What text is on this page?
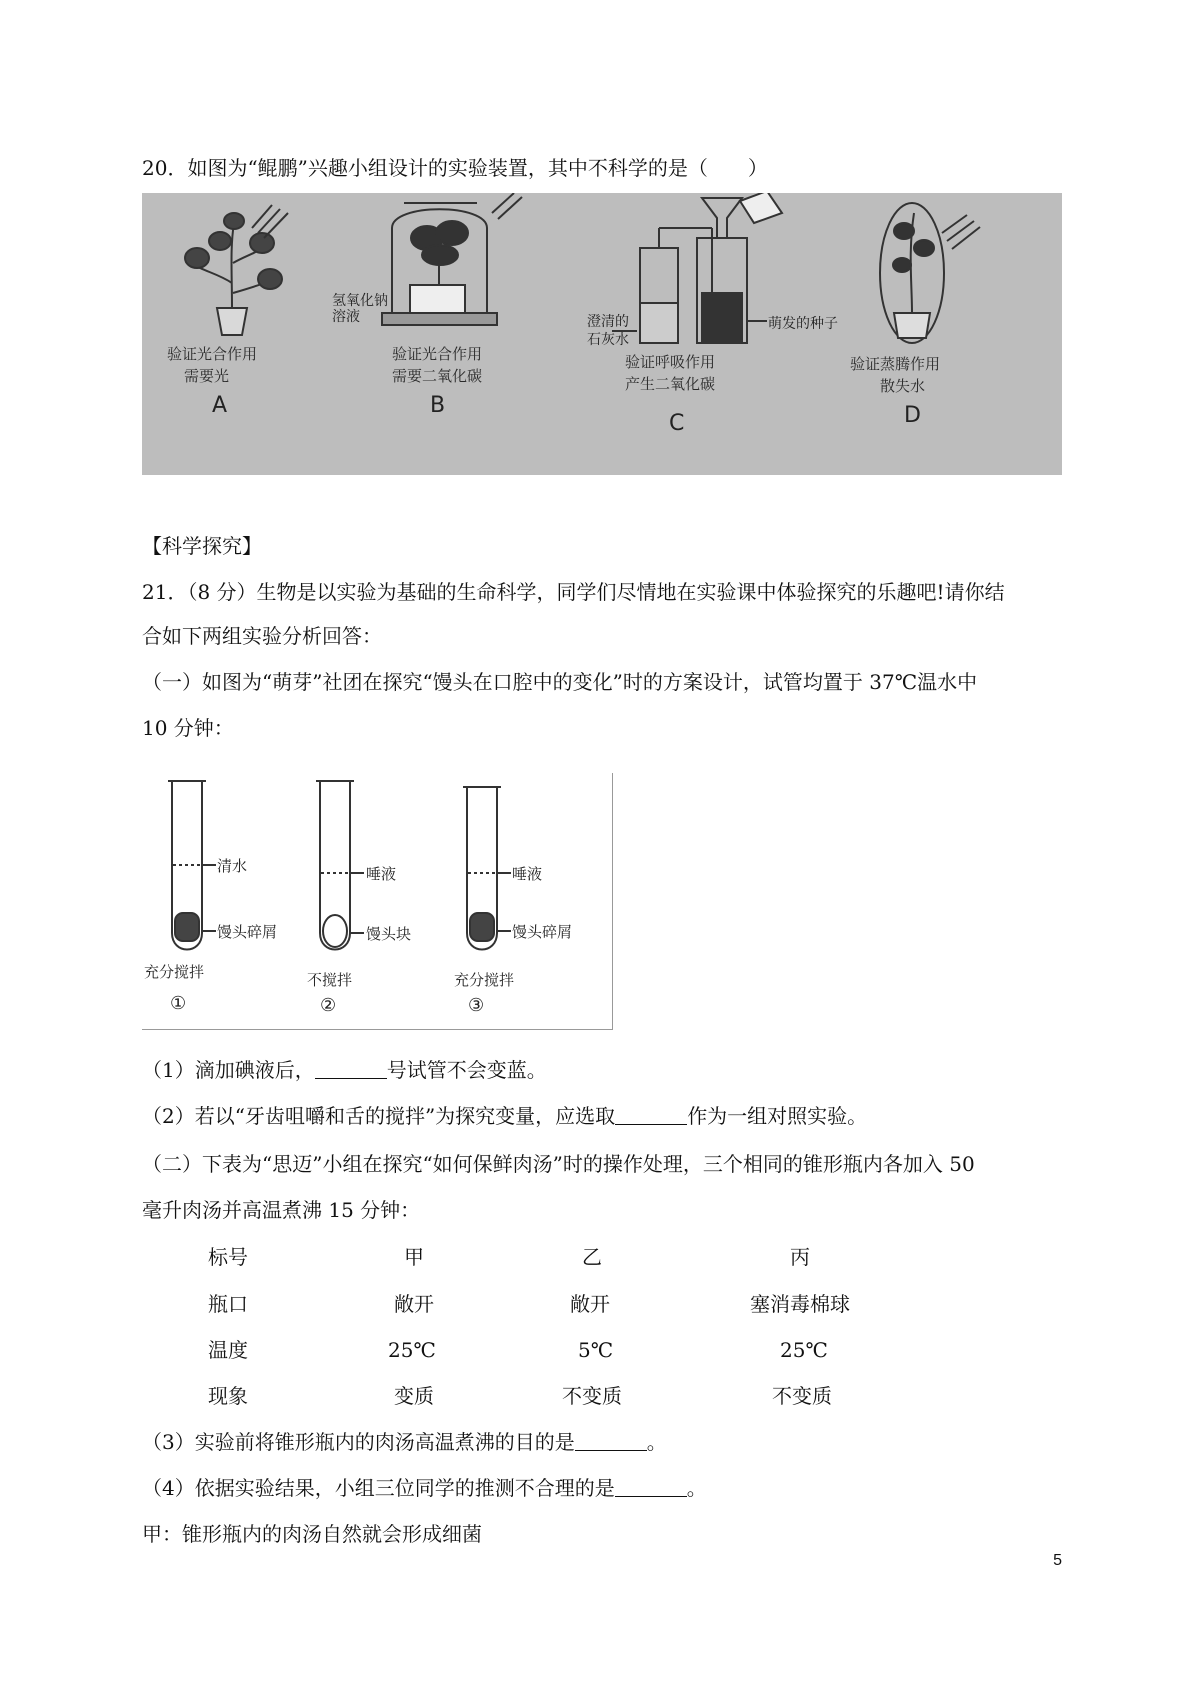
20．如图为“鲲鹏”兴趣小组设计的实验装置，其中不科学的是（　　）
验证光合作用
需要光
A
氢氧化钠溶液
验证光合作用
需要二氧化碳
B
澄清的
石灰水
萌发的种子
验证呼吸作用
产生二氧化碳
C
验证蒸腾作用
散失水
D
【科学探究】
21．（8 分）生物是以实验为基础的生命科学，同学们尽情地在实验课中体验探究的乐趣吧!请你结
合如下两组实验分析回答：
（一）如图为“萌芽”社团在探究“馒头在口腔中的变化”时的方案设计，试管均置于 37℃温水中
10 分钟：
清水
馒头碎屑
充分搅拌
①
唾液
馒头块
不搅拌
②
唾液
馒头碎屑
充分搅拌
③
（1）滴加碘液后，	号试管不会变蓝。
（2）若以“牙齿咀嚼和舌的搅拌”为探究变量，应选取	作为一组对照实验。
（二）下表为“思迈”小组在探究“如何保鲜肉汤”时的操作处理，三个相同的锥形瓶内各加入 50
毫升肉汤并高温煮沸 15 分钟：
标号	甲	乙	丙
瓶口	敞开	敞开	塞消毒棉球
温度	25℃	5℃	25℃
现象	变质	不变质	不变质
（3）实验前将锥形瓶内的肉汤高温煮沸的目的是	。
（4）依据实验结果，小组三位同学的推测不合理的是	。
甲：锥形瓶内的肉汤自然就会形成细菌
5
